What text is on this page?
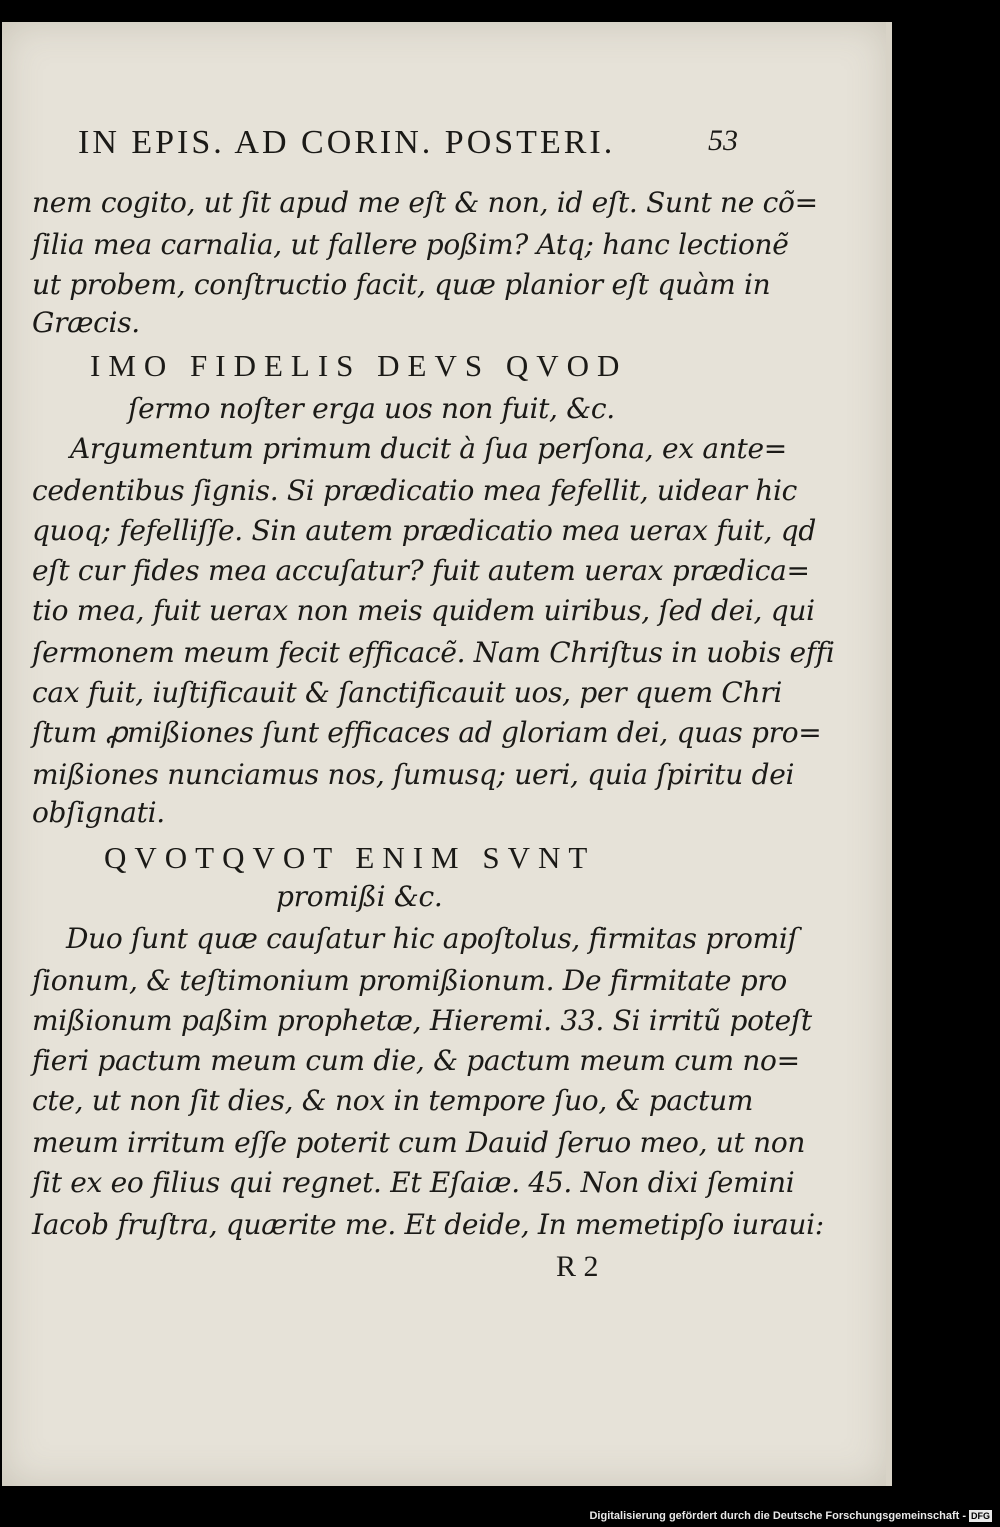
IN EPIS. AD CORIN. POSTERI.	53
nem cogito, ut ſit apud me eſt & non, id eſt. Sunt ne cõ=
ſilia mea carnalia, ut fallere poßim? Atq; hanc lectionẽ
ut probem, conſtructio facit, quæ planior eſt quàm in
Græcis.
IMO FIDELIS DEVS QVOD
ſermo noſter erga uos non fuit, &c.
Argumentum primum ducit à ſua perſona, ex ante=
cedentibus ſignis. Si prædicatio mea fefellit, uidear hic
quoq; fefelliſſe. Sin autem prædicatio mea uerax fuit, qd
eſt cur fides mea accuſatur? fuit autem uerax prædica=
tio mea, fuit uerax non meis quidem uiribus, ſed dei, qui
ſermonem meum fecit efficacẽ. Nam Chriſtus in uobis effi
cax fuit, iuſtificauit & ſanctificauit uos, per quem Chri
ſtum ꝓmißiones ſunt efficaces ad gloriam dei, quas pro=
mißiones nunciamus nos, ſumusq; ueri, quia ſpiritu dei
obſignati.
QVOTQVOT ENIM SVNT
promißi &c.
Duo ſunt quæ cauſatur hic apoſtolus, firmitas promiſ
ſionum, & teſtimonium promißionum. De firmitate pro
mißionum paßim prophetæ, Hieremi. 33. Si irritũ poteſt
fieri pactum meum cum die, & pactum meum cum no=
cte, ut non ſit dies, & nox in tempore ſuo, & pactum
meum irritum eſſe poterit cum Dauid ſeruo meo, ut non
ſit ex eo filius qui regnet. Et Eſaiæ. 45. Non dixi ſemini
Iacob fruſtra, quærite me. Et deide, In memetipſo iuraui:
R 2
Digitalisierung gefördert durch die Deutsche Forschungsgemeinschaft - DFG
